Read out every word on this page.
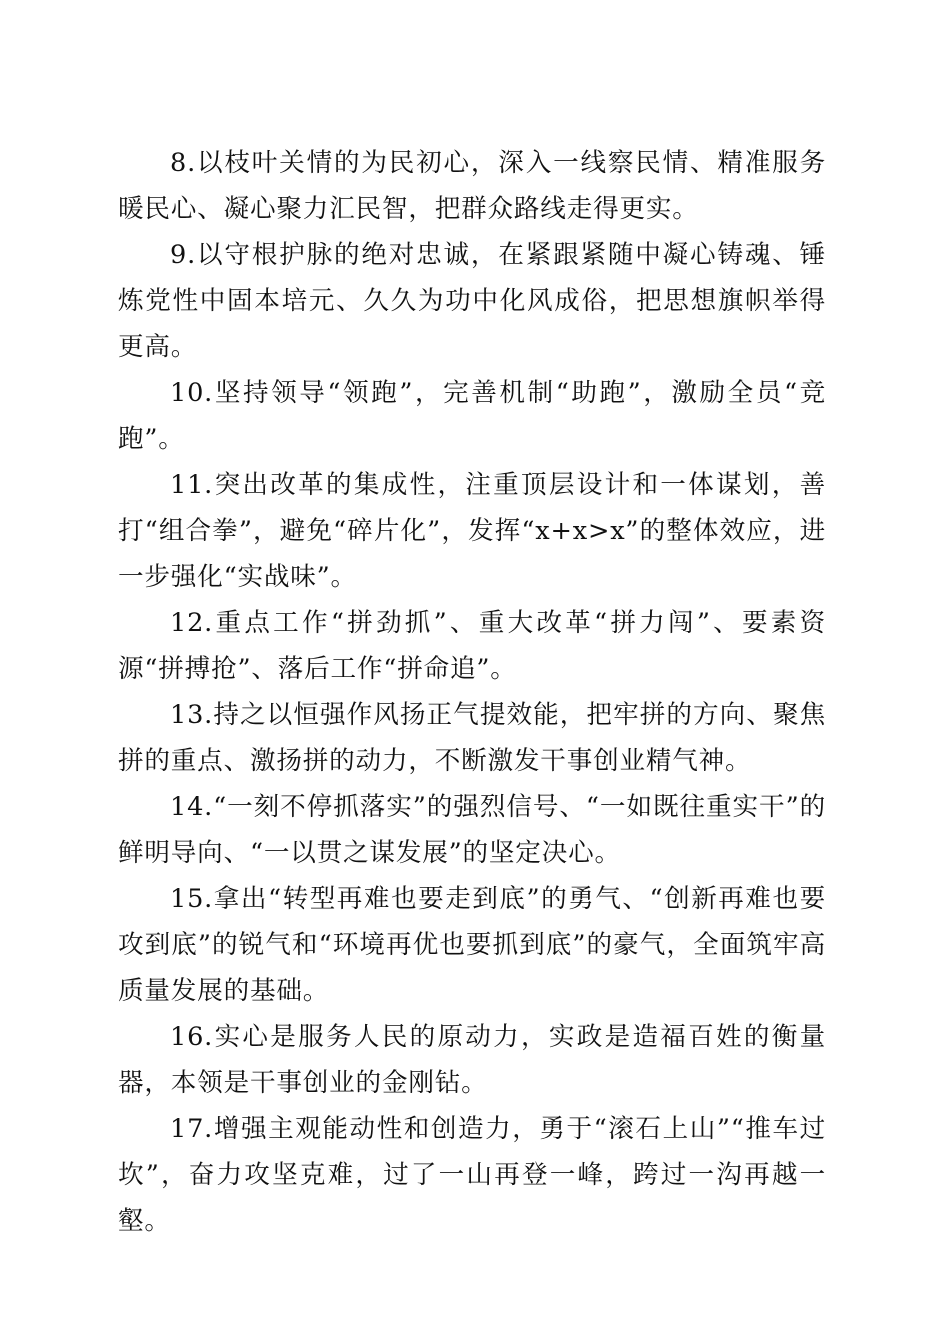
8.以枝叶关情的为民初心，深入一线察民情、精准服务暖民心、凝心聚力汇民智，把群众路线走得更实。

9.以守根护脉的绝对忠诚，在紧跟紧随中凝心铸魂、锤炼党性中固本培元、久久为功中化风成俗，把思想旗帜举得更高。

10.坚持领导“领跑”，完善机制“助跑”，激励全员“竞跑”。

11.突出改革的集成性，注重顶层设计和一体谋划，善打“组合拳”，避免“碎片化”，发挥“x+x>x”的整体效应，进一步强化“实战味”。

12.重点工作“拼劲抓”、重大改革“拼力闯”、要素资源“拼搏抢”、落后工作“拼命追”。

13.持之以恒强作风扬正气提效能，把牢拼的方向、聚焦拼的重点、激扬拼的动力，不断激发干事创业精气神。

14.“一刻不停抓落实”的强烈信号、“一如既往重实干”的鲜明导向、“一以贯之谋发展”的坚定决心。

15.拿出“转型再难也要走到底”的勇气、“创新再难也要攻到底”的锐气和“环境再优也要抓到底”的豪气，全面筑牢高质量发展的基础。

16.实心是服务人民的原动力，实政是造福百姓的衡量器，本领是干事创业的金刚钻。

17.增强主观能动性和创造力，勇于“滚石上山”“推车过坎”，奋力攻坚克难，过了一山再登一峰，跨过一沟再越一壑。
